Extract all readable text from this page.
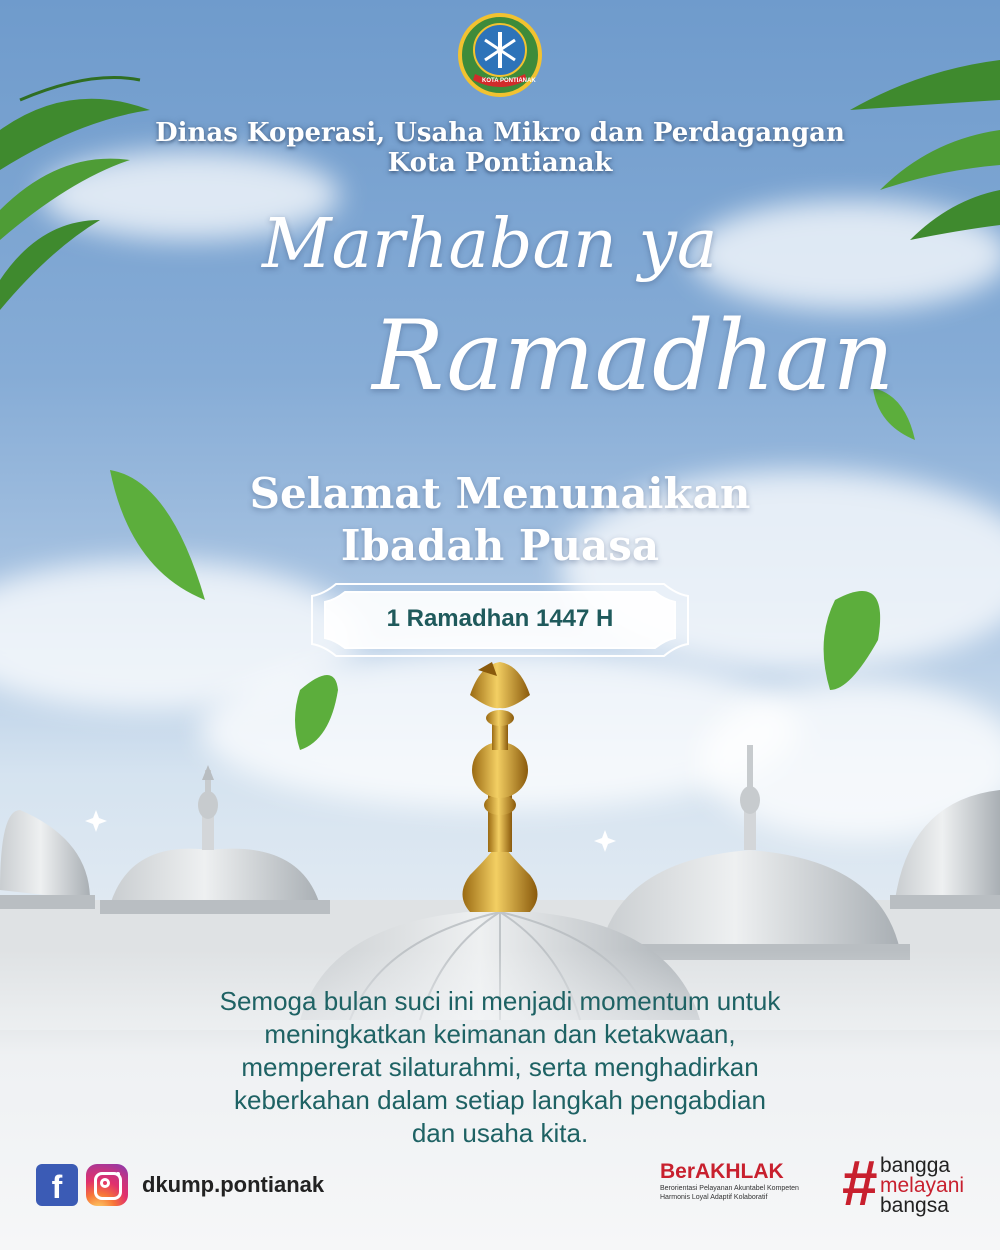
KOTA PONTIANAK
Dinas Koperasi, Usaha Mikro dan Perdagangan
Kota Pontianak
Marhaban ya
Ramadhan
Selamat Menunaikan
Ibadah Puasa
1 Ramadhan 1447 H
Semoga bulan suci ini menjadi momentum untuk
meningkatkan keimanan dan ketakwaan,
mempererat silaturahmi, serta menghadirkan
keberkahan dalam setiap langkah pengabdian
dan usaha kita.
f	dkump.pontianak
BerAKHLAK
Berorientasi Pelayanan Akuntabel Kompeten
Harmonis Loyal Adaptif Kolaboratif	# bangga
melayani
bangsa
